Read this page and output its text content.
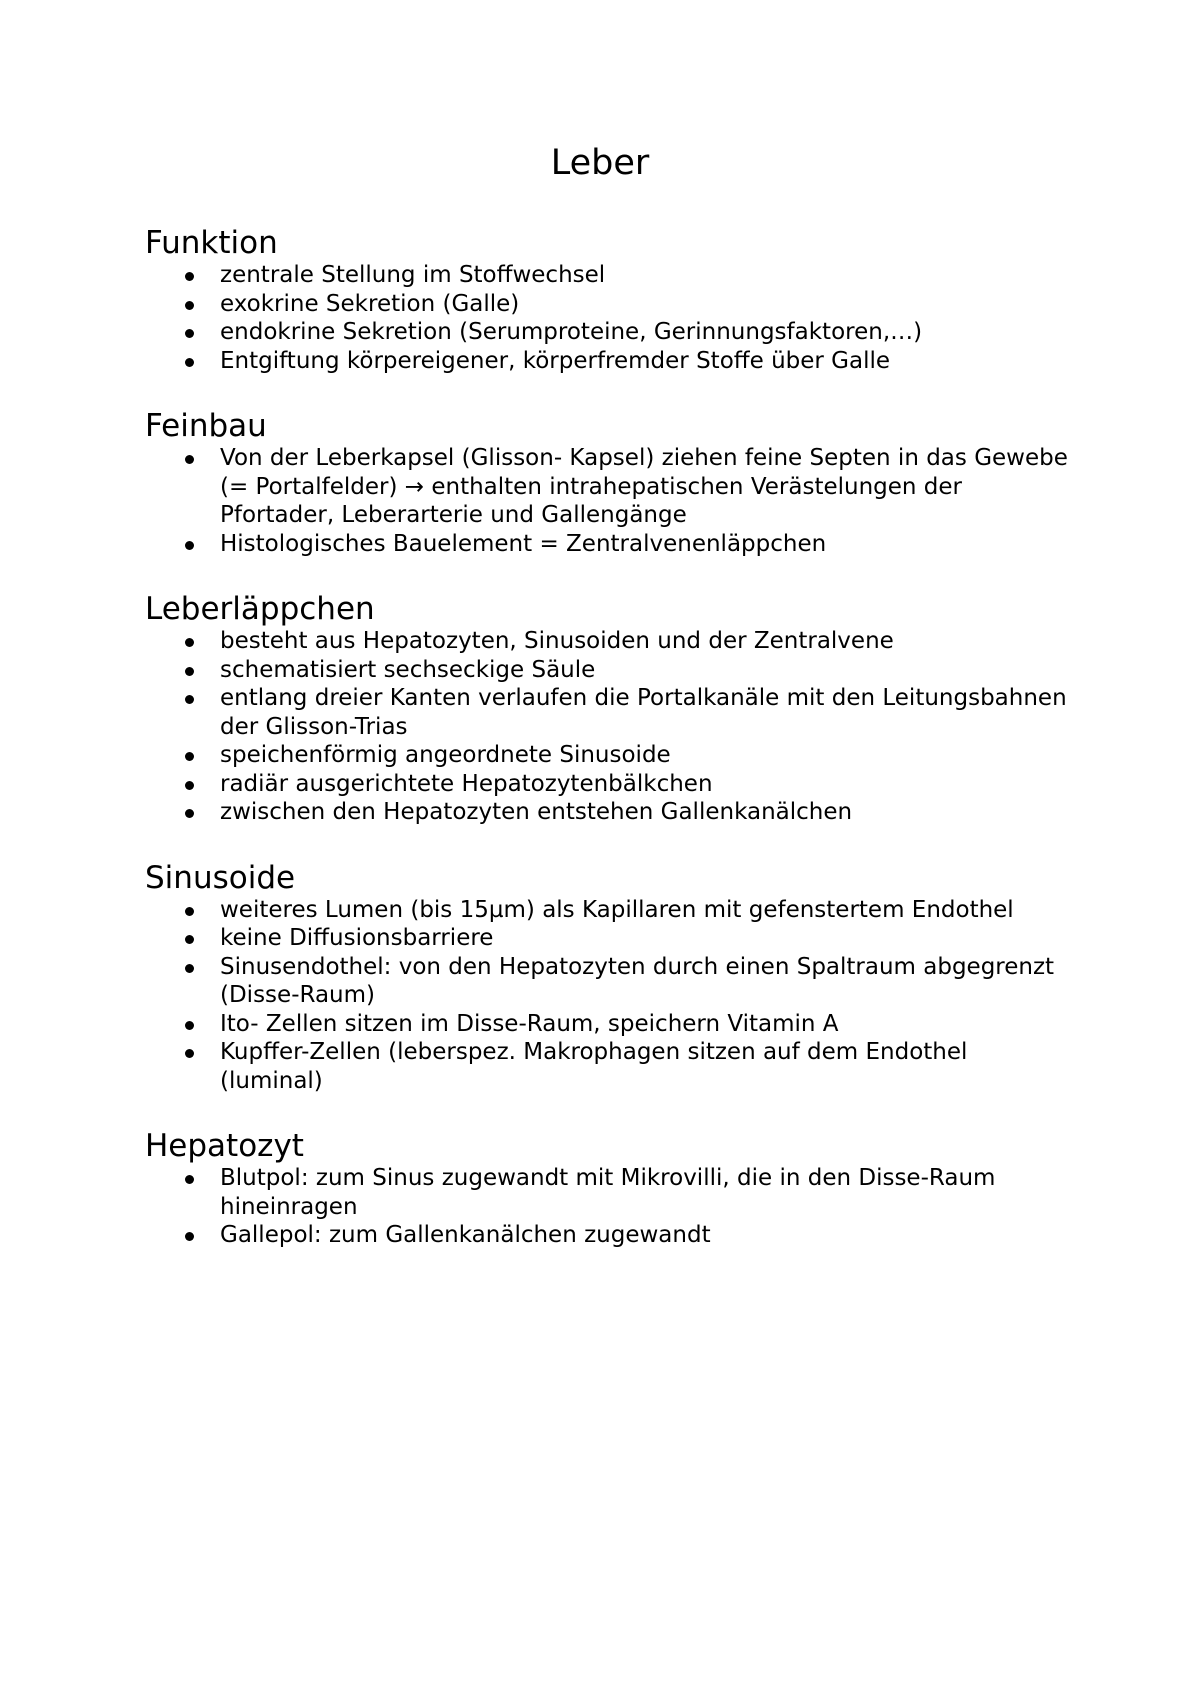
Leber
Funktion
zentrale Stellung im Stoffwechsel
exokrine Sekretion (Galle)
endokrine Sekretion (Serumproteine, Gerinnungsfaktoren,…)
Entgiftung körpereigener, körperfremder Stoffe über Galle
Feinbau
Von der Leberkapsel (Glisson- Kapsel) ziehen feine Septen in das Gewebe (= Portalfelder) → enthalten intrahepatischen Verästelungen der Pfortader, Leberarterie und Gallengänge
Histologisches Bauelement = Zentralvenenläppchen
Leberläppchen
besteht aus Hepatozyten, Sinusoiden und der Zentralvene
schematisiert sechseckige Säule
entlang dreier Kanten verlaufen die Portalkanäle mit den Leitungsbahnen der Glisson-Trias
speichenförmig angeordnete Sinusoide
radiär ausgerichtete Hepatozytenbälkchen
zwischen den Hepatozyten entstehen Gallenkanälchen
Sinusoide
weiteres Lumen (bis 15µm) als Kapillaren mit gefenstertem Endothel
keine Diffusionsbarriere
Sinusendothel: von den Hepatozyten durch einen Spaltraum abgegrenzt (Disse-Raum)
Ito- Zellen sitzen im Disse-Raum, speichern Vitamin A
Kupffer-Zellen (leberspez. Makrophagen sitzen auf dem Endothel (luminal)
Hepatozyt
Blutpol: zum Sinus zugewandt mit Mikrovilli, die in den Disse-Raum hineinragen
Gallepol: zum Gallenkanälchen zugewandt
